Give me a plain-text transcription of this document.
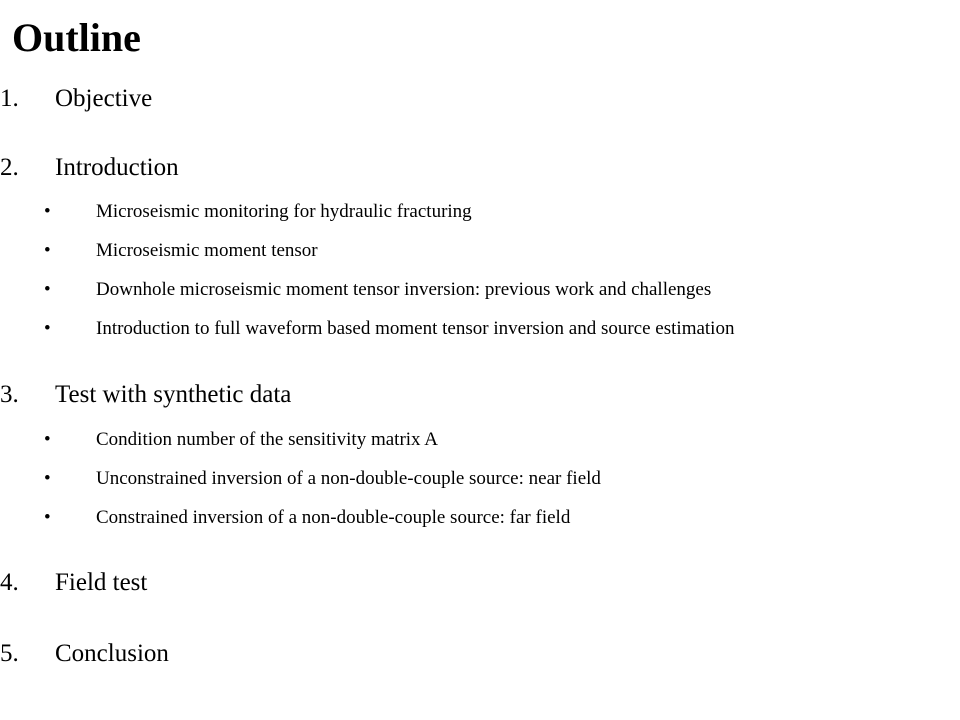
Outline
1. Objective
2. Introduction
• Microseismic monitoring for hydraulic fracturing
• Microseismic moment tensor
• Downhole microseismic moment tensor inversion: previous work and challenges
• Introduction to full waveform based moment tensor inversion and source estimation
3. Test with synthetic data
• Condition number of the sensitivity matrix A
• Unconstrained inversion of a non-double-couple source: near field
• Constrained inversion of a non-double-couple source: far field
4. Field test
5. Conclusion
